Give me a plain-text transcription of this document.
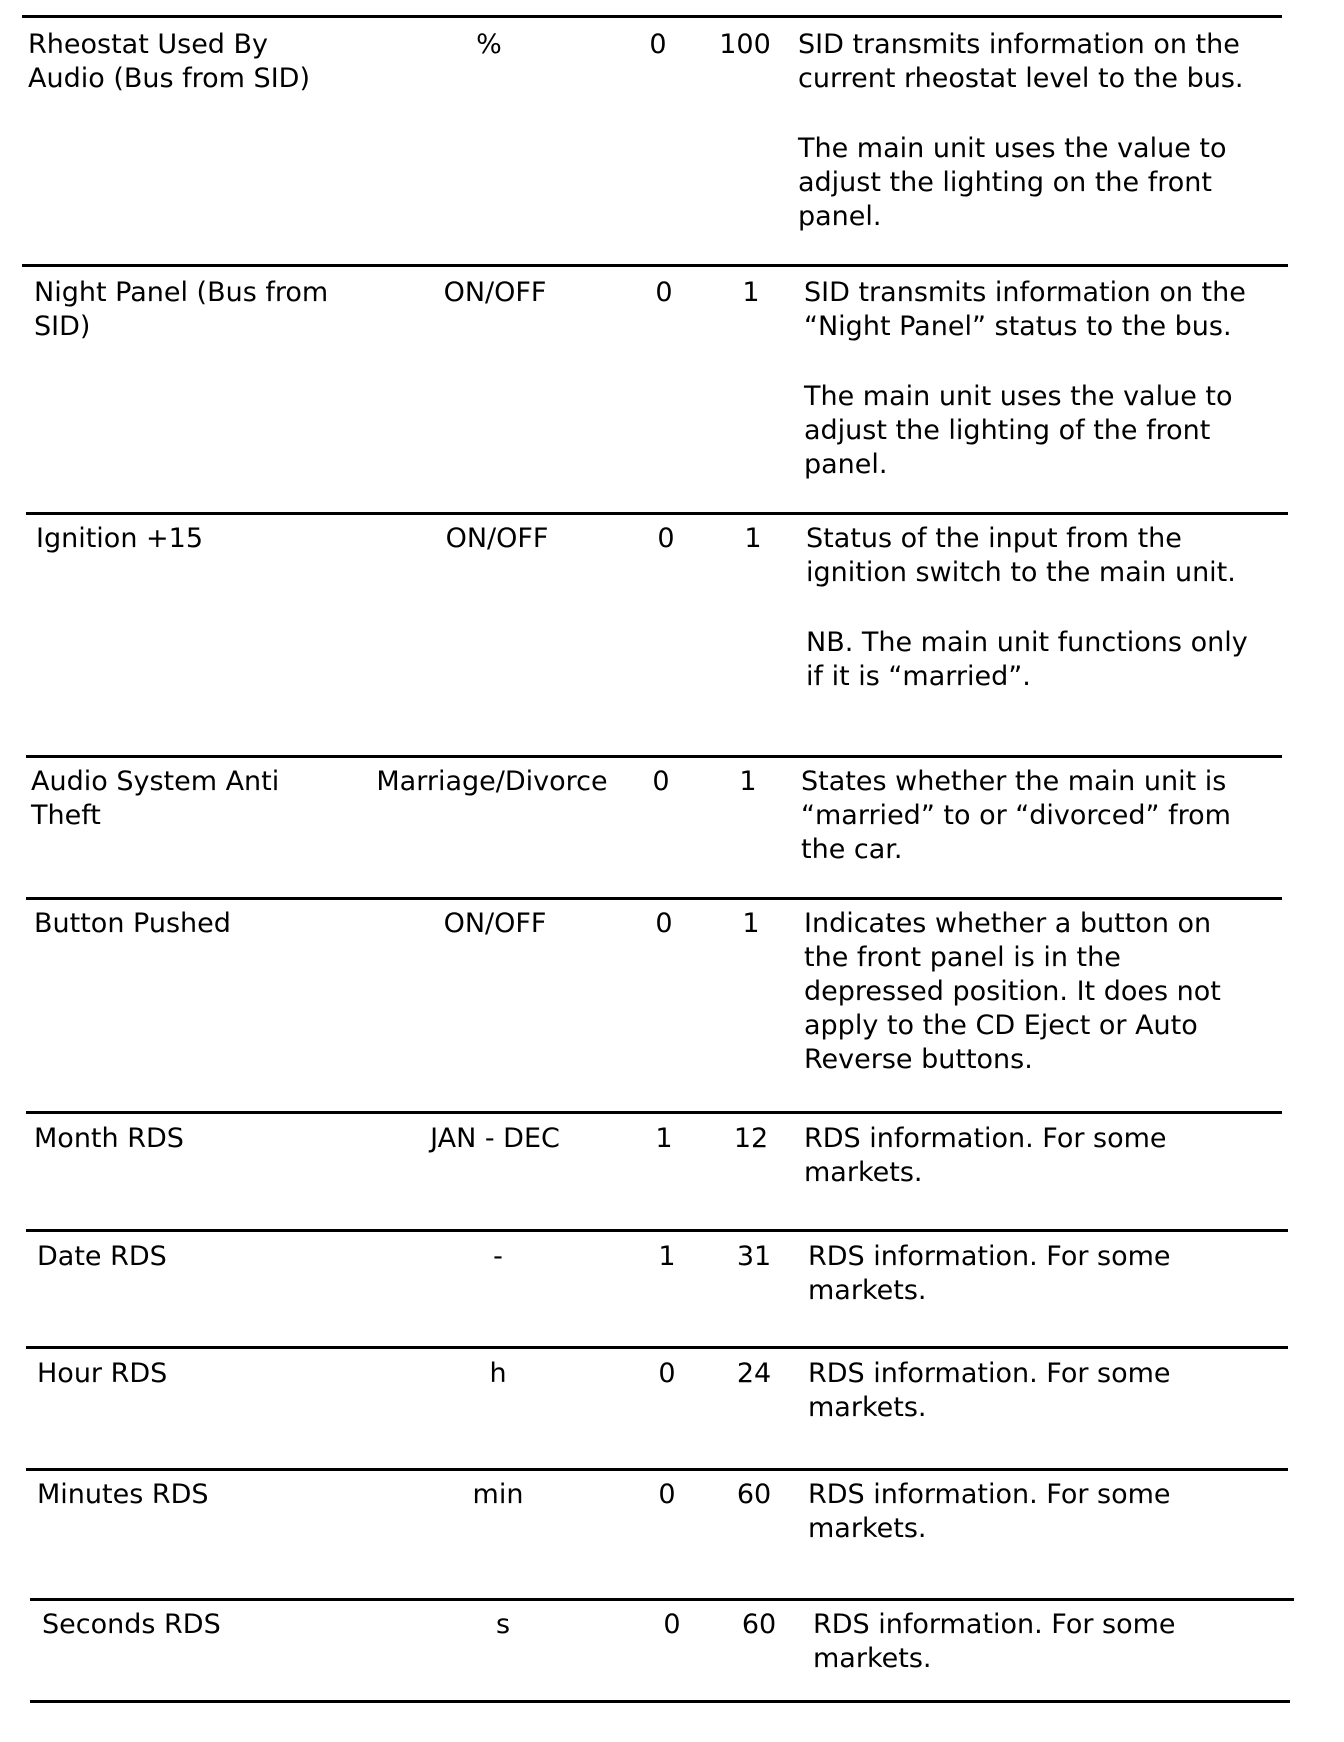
Rheostat Used By
Audio (Bus from SID)
%	0	100 SID transmits information on the
current rheostat level to the bus.

The main unit uses the value to
adjust the lighting on the front
panel.

Night Panel (Bus from
SID)
ON/OFF	0	1	SID transmits information on the
“Night Panel” status to the bus.

The main unit uses the value to
adjust the lighting of the front
panel.

Ignition +15	ON/OFF	0	1	Status of the input from the
ignition switch to the main unit.

NB. The main unit functions only
if it is “married”.

Audio System Anti
Theft
Marriage/Divorce	0	1	States whether the main unit is
“married” to or “divorced” from
the car.

Button Pushed	ON/OFF	0	1	Indicates whether a button on
the front panel is in the
depressed position. It does not
apply to the CD Eject or Auto
Reverse buttons.

Month RDS	JAN - DEC	1	12	RDS information. For some
markets.

Date RDS	-	1	31	RDS information. For some
markets.

Hour RDS	h	0	24	RDS information. For some
markets.

Minutes RDS	min	0	60	RDS information. For some
markets.

Seconds RDS	s	0	60	RDS information. For some
markets.
